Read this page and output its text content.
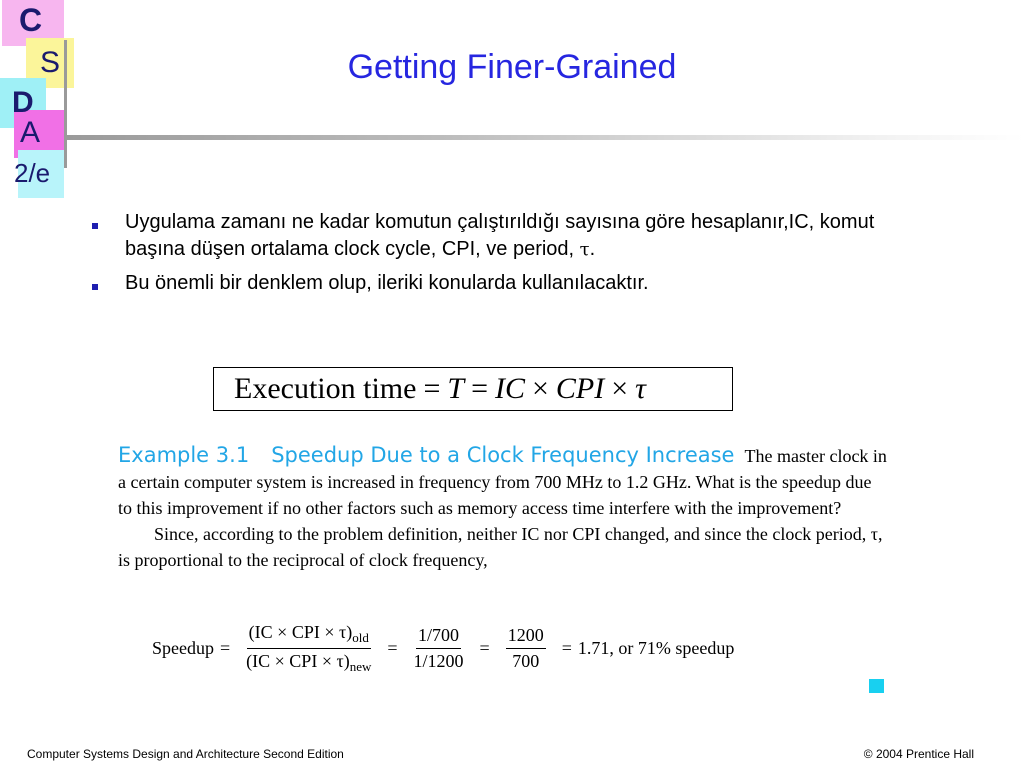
C
S
D
A
2/e
Getting Finer-Grained
Uygulama zamanı ne kadar komutun çalıştırıldığı sayısına göre hesaplanır,IC, komut başına düşen ortalama clock cycle, CPI, ve period, τ.
Bu önemli bir denklem olup, ileriki konularda kullanılacaktır.
Execution time = T = IC × CPI × τ
Example 3.1 Speedup Due to a Clock Frequency Increase The master clock in a certain computer system is increased in frequency from 700 MHz to 1.2 GHz. What is the speedup due to this improvement if no other factors such as memory access time interfere with the improvement?
Since, according to the problem definition, neither IC nor CPI changed, and since the clock period, τ, is proportional to the reciprocal of clock frequency,
Speedup = $\frac{(IC \times CPI \times \tau)_{old}}{(IC \times CPI \times \tau)_{new}} = \frac{1/700}{1/1200} = \frac{1200}{700} = 1.71$, or 71% speedup
Computer Systems Design and Architecture Second Edition	© 2004 Prentice Hall
